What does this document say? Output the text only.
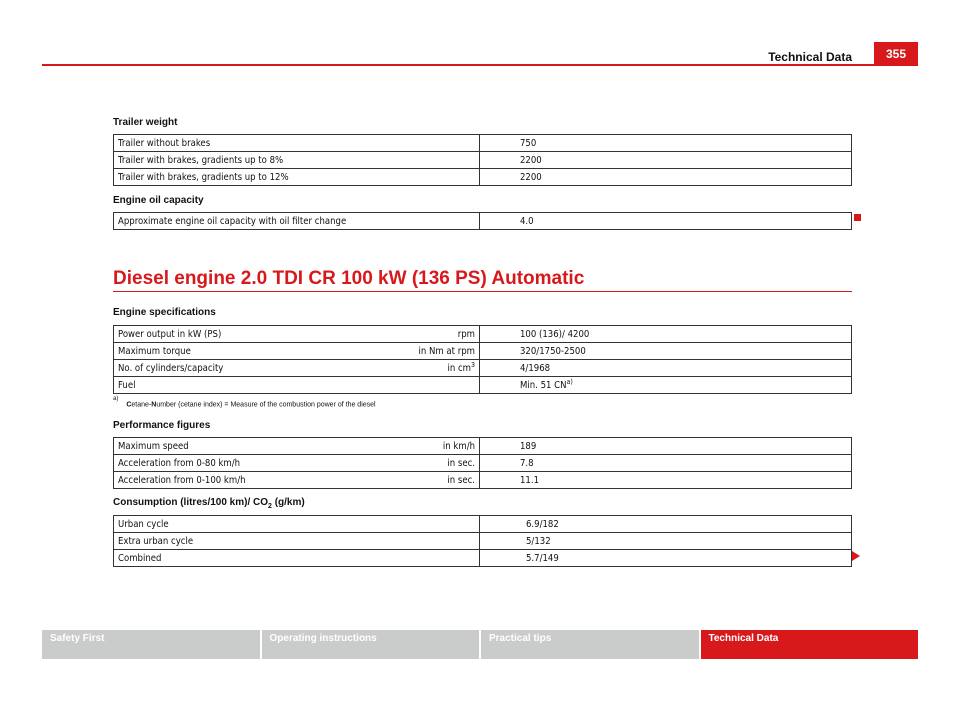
355
Technical Data
Trailer weight
Trailer without brakes	750
Trailer with brakes, gradients up to 8%	2200
Trailer with brakes, gradients up to 12%	2200
Engine oil capacity
Approximate engine oil capacity with oil filter change	4.0
Diesel engine 2.0 TDI CR 100 kW (136 PS) Automatic
Engine specifications
Power output in kW (PS)	rpm	100 (136)/ 4200
Maximum torque	in Nm at rpm	320/1750-2500
No. of cylinders/capacity	in $cm^3$	4/1968
Fuel		Min. 51 CN$^{a)}$
$^{a)}$Cetane-Number (cetane index) = Measure of the combustion power of the diesel
Performance figures
Maximum speed	in km/h	189
Acceleration from 0-80 km/h	in sec.	7.8
Acceleration from 0-100 km/h	in sec.	11.1
Consumption (litres/100 km)/ $CO_2$ (g/km)
Urban cycle	6.9/182
Extra urban cycle	5/132
Combined	5.7/149
Safety First	Operating instructions	Practical tips	Technical Data
